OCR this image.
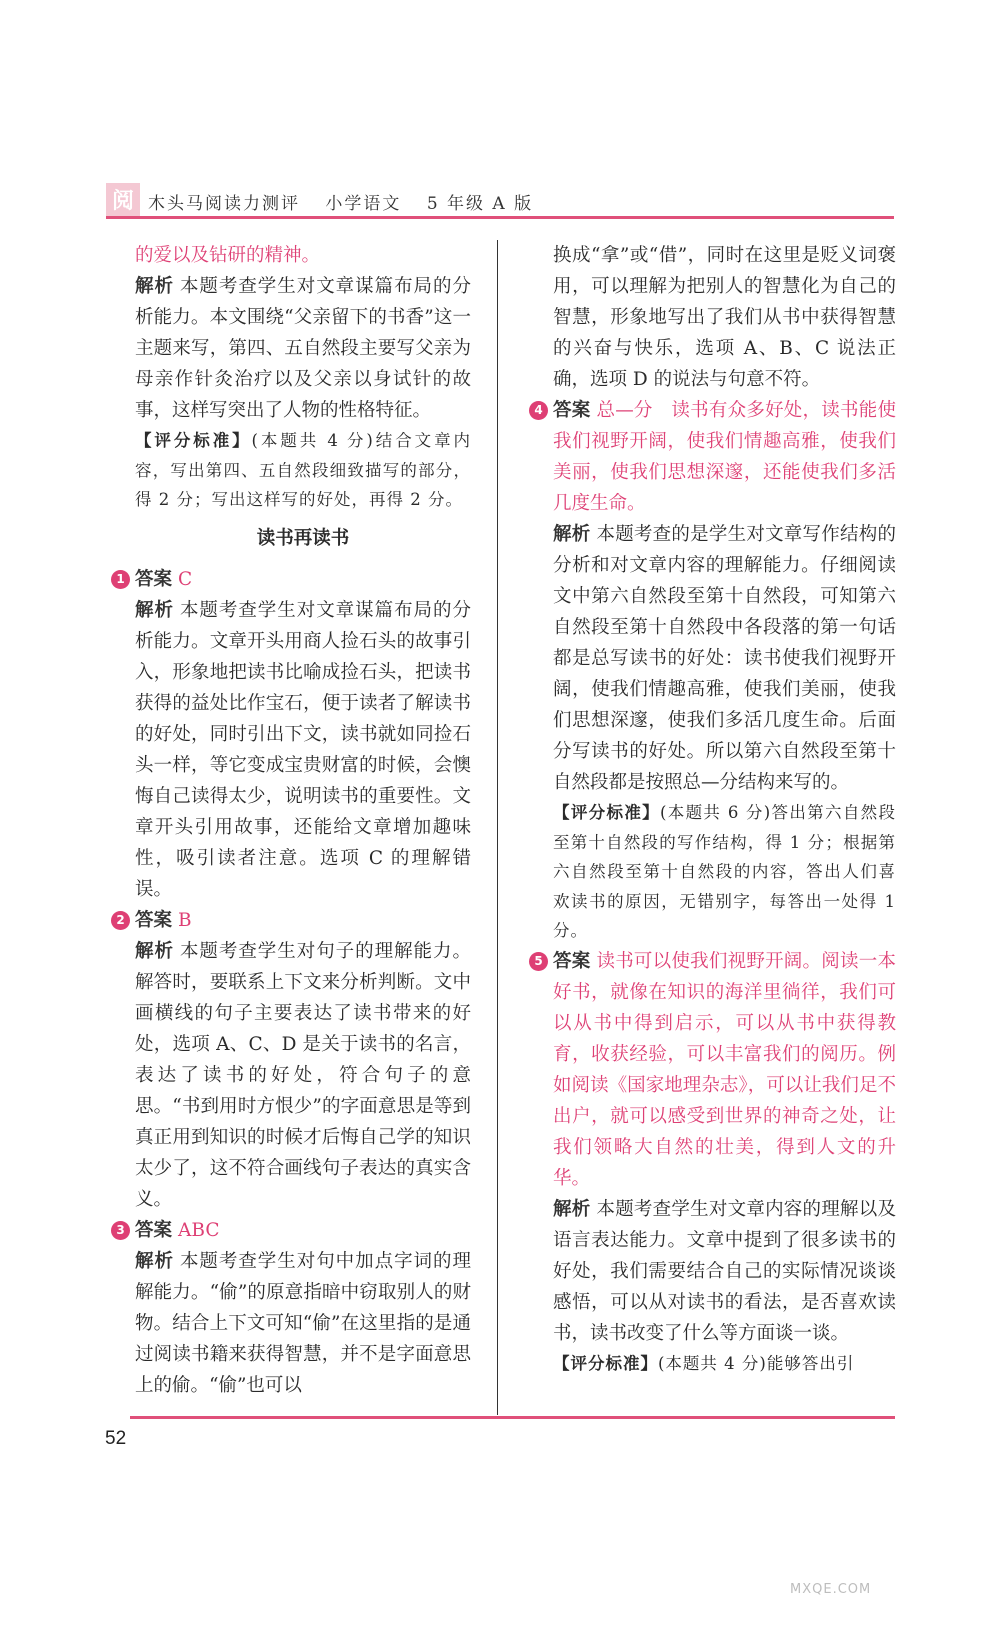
阅 木头马阅读力测评 小学语文 5 年级 A 版

的爱以及钻研的精神。

解析 本题考查学生对文章谋篇布局的分析能力。本文围绕“父亲留下的书香”这一主题来写，第四、五自然段主要写父亲为母亲作针灸治疗以及父亲以身试针的故事，这样写突出了人物的性格特征。

【评分标准】(本题共 4 分)结合文章内容，写出第四、五自然段细致描写的部分，得 2 分；写出这样写的好处，再得 2 分。
读书再读书
1 答案 C

解析 本题考查学生对文章谋篇布局的分析能力。文章开头用商人捡石头的故事引入，形象地把读书比喻成捡石头，把读书获得的益处比作宝石，便于读者了解读书的好处，同时引出下文，读书就如同捡石头一样，等它变成宝贵财富的时候，会懊悔自己读得太少，说明读书的重要性。文章开头引用故事，还能给文章增加趣味性，吸引读者注意。选项 C 的理解错误。

2 答案 B

解析 本题考查学生对句子的理解能力。解答时，要联系上下文来分析判断。文中画横线的句子主要表达了读书带来的好处，选项 A、C、D 是关于读书的名言，表达了读书的好处，符合句子的意思。“书到用时方恨少”的字面意思是等到真正用到知识的时候才后悔自己学的知识太少了，这不符合画线句子表达的真实含义。

3 答案 ABC

解析 本题考查学生对句中加点字词的理解能力。“偷”的原意指暗中窃取别人的财物。结合上下文可知“偷”在这里指的是通过阅读书籍来获得智慧，并不是字面意思上的偷。“偷”也可以

换成“拿”或“借”，同时在这里是贬义词褒用，可以理解为把别人的智慧化为自己的智慧，形象地写出了我们从书中获得智慧的兴奋与快乐，选项 A、B、C 说法正确，选项 D 的说法与句意不符。

4 答案 总—分　读书有众多好处，读书能使我们视野开阔，使我们情趣高雅，使我们美丽，使我们思想深邃，还能使我们多活几度生命。

解析 本题考查的是学生对文章写作结构的分析和对文章内容的理解能力。仔细阅读文中第六自然段至第十自然段，可知第六自然段至第十自然段中各段落的第一句话都是总写读书的好处：读书使我们视野开阔，使我们情趣高雅，使我们美丽，使我们思想深邃，使我们多活几度生命。后面分写读书的好处。所以第六自然段至第十自然段都是按照总—分结构来写的。

【评分标准】(本题共 6 分)答出第六自然段至第十自然段的写作结构，得 1 分；根据第六自然段至第十自然段的内容，答出人们喜欢读书的原因，无错别字，每答出一处得 1 分。
5 答案 读书可以使我们视野开阔。阅读一本好书，就像在知识的海洋里徜徉，我们可以从书中得到启示，可以从书中获得教育，收获经验，可以丰富我们的阅历。例如阅读《国家地理杂志》，可以让我们足不出户，就可以感受到世界的神奇之处，让我们领略大自然的壮美，得到人文的升华。

解析 本题考查学生对文章内容的理解以及语言表达能力。文章中提到了很多读书的好处，我们需要结合自己的实际情况谈谈感悟，可以从对读书的看法，是否喜欢读书，读书改变了什么等方面谈一谈。

【评分标准】(本题共 4 分)能够答出引
52
MXQE.COM
